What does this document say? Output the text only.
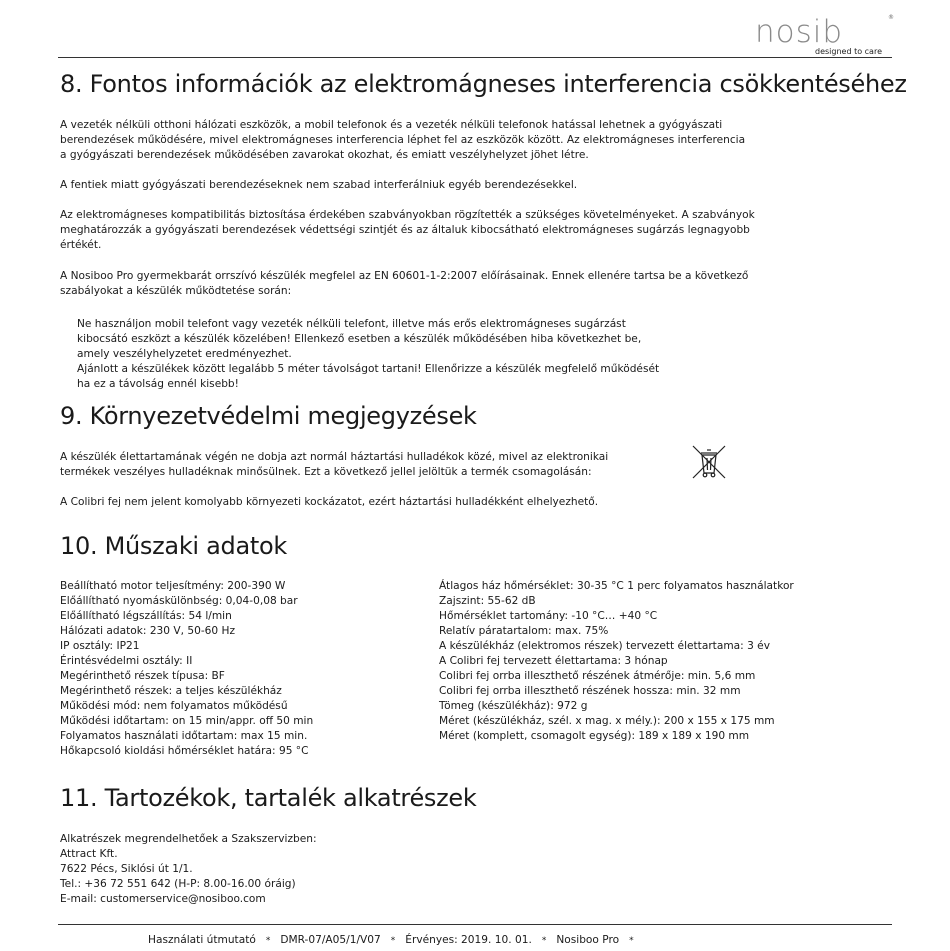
nosib
designed to care
®
8. Fontos információk az elektromágneses interferencia csökkentéséhez

A vezeték nélküli otthoni hálózati eszközök, a mobil telefonok és a vezeték nélküli telefonok hatással lehetnek a gyógyászati
berendezések működésére, mivel elektromágneses interferencia léphet fel az eszközök között. Az elektromágneses interferencia
a gyógyászati berendezések működésében zavarokat okozhat, és emiatt veszélyhelyzet jöhet létre.

A fentiek miatt gyógyászati berendezéseknek nem szabad interferálniuk egyéb berendezésekkel.

Az elektromágneses kompatibilitás biztosítása érdekében szabványokban rögzítették a szükséges követelményeket. A szabványok
meghatározzák a gyógyászati berendezések védettségi szintjét és az általuk kibocsátható elektromágneses sugárzás legnagyobb
értékét.

A Nosiboo Pro gyermekbarát orrszívó készülék megfelel az EN 60601-1-2:2007 előírásainak. Ennek ellenére tartsa be a következő
szabályokat a készülék működtetése során:

Ne használjon mobil telefont vagy vezeték nélküli telefont, illetve más erős elektromágneses sugárzást
kibocsátó eszközt a készülék közelében! Ellenkező esetben a készülék működésében hiba következhet be,
amely veszélyhelyzetet eredményezhet.
Ajánlott a készülékek között legalább 5 méter távolságot tartani! Ellenőrizze a készülék megfelelő működését
ha ez a távolság ennél kisebb!

9. Környezetvédelmi megjegyzések

A készülék élettartamának végén ne dobja azt normál háztartási hulladékok közé, mivel az elektronikai
termékek veszélyes hulladéknak minősülnek. Ezt a következő jellel jelöltük a termék csomagolásán:

A Colibri fej nem jelent komolyabb környezeti kockázatot, ezért háztartási hulladékként elhelyezhető.

10. Műszaki adatok
Beállítható motor teljesítmény: 200-390 W
Előállítható nyomáskülönbség: 0,04-0,08 bar
Előállítható légszállítás: 54 l/min
Hálózati adatok: 230 V, 50-60 Hz
IP osztály: IP21
Érintésvédelmi osztály: II
Megérinthető részek típusa: BF
Megérinthető részek: a teljes készülékház
Működési mód: nem folyamatos működésű
Működési időtartam: on 15 min/appr. off 50 min
Folyamatos használati időtartam: max 15 min.
Hőkapcsoló kioldási hőmérséklet határa: 95 °C
Átlagos ház hőmérséklet: 30-35 °C 1 perc folyamatos használatkor
Zajszint: 55-62 dB
Hőmérséklet tartomány: -10 °C… +40 °C
Relatív páratartalom: max. 75%
A készülékház (elektromos részek) tervezett élettartama: 3 év
A Colibri fej tervezett élettartama: 3 hónap
Colibri fej orrba illeszthető részének átmérője: min. 5,6 mm
Colibri fej orrba illeszthető részének hossza: min. 32 mm
Tömeg (készülékház): 972 g
Méret (készülékház, szél. x mag. x mély.): 200 x 155 x 175 mm
Méret (komplett, csomagolt egység): 189 x 189 x 190 mm
11. Tartozékok, tartalék alkatrészek
Alkatrészek megrendelhetőek a Szakszervizben:
Attract Kft.
7622 Pécs, Siklósi út 1/1.
Tel.: +36 72 551 642 (H-P: 8.00-16.00 óráig)
E-mail: customerservice@nosiboo.com
Használati útmutató * DMR-07/A05/1/V07 * Érvényes: 2019. 10. 01. * Nosiboo Pro *
